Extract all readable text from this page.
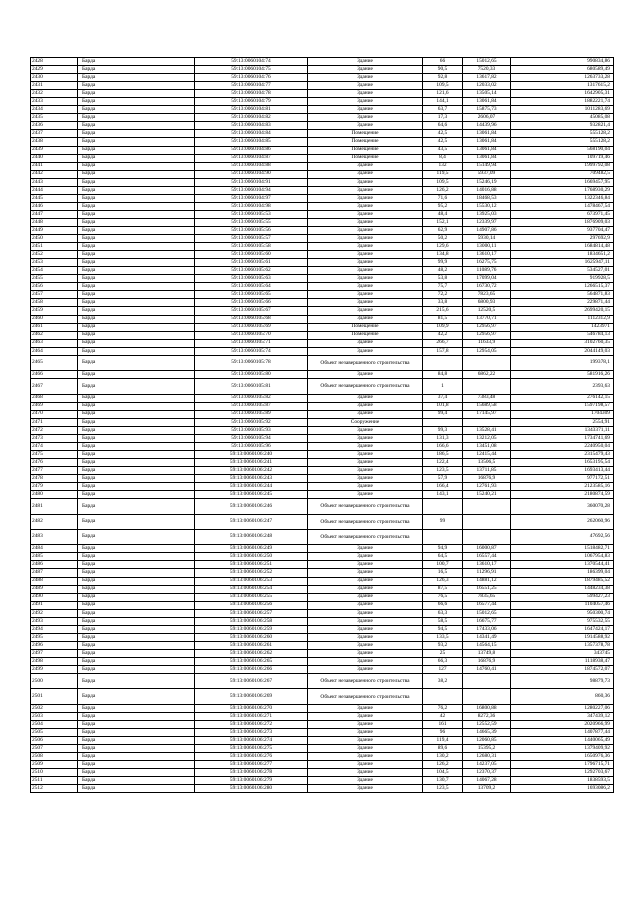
2428	Барда	59:13:0060104:74	Здание	66	15012,65	990834,86
2429	Барда	59:13:0060104:75	Здание	90,5	7520,33	680589,49
2430	Барда	59:13:0060104:76	Здание	92,8	13617,82	1263733,28
2431	Барда	59:13:0060104:77	Здание	109,5	12033,02	1317615,2
2432	Барда	59:13:0060104:78	Здание	121,6	13505,14	1642905,31
2433	Барда	59:13:0060104:79	Здание	144,1	13061,84	1882221,74
2434	Барда	59:13:0060104:81	Здание	63,7	15875,73	1011283,69
2435	Барда	59:13:0060104:82	Здание	17,3	2606,07	45085,08
2436	Барда	59:13:0060104:83	Здание	64,6	14439,96	932821,4
2437	Барда	59:13:0060104:84	Помещение	42,5	13061,84	555128,2
2438	Барда	59:13:0060104:85	Помещение	42,5	13061,84	555128,2
2439	Барда	59:13:0060104:86	Помещение	43,5	13061,84	568190,04
2440	Барда	59:13:0060104:87	Помещение	8,4	13061,84	109719,46
2441	Барда	59:13:0060104:88	Здание	132	15149,94	1999792,08
2442	Барда	59:13:0060104:90	Здание	119,5	5937,09	709482,5
2443	Барда	59:13:0060104:91	Здание	109,5	15246,19	1669457,95
2444	Барда	59:13:0060104:94	Здание	126,2	14016,88	1768930,29
2445	Барда	59:13:0060104:97	Здание	71,6	18468,53	1322346,84
2446	Барда	59:13:0060104:98	Здание	95,2	15530,12	1478467,54
2447	Барда	59:13:0060105:53	Здание	48,4	13925,03	673971,45
2448	Барда	59:13:0060105:55	Здание	152,1	12339,97	1876909,03
2449	Барда	59:13:0060105:56	Здание	62,9	14907,86	937704,47
2450	Барда	59:13:0060105:57	Здание	50,2	5930,14	297692,9
2451	Барда	59:13:0060105:58	Здание	129,6	13000,11	1684814,48
2452	Барда	59:13:0060105:60	Здание	134,8	13610,17	1834651,2
2453	Барда	59:13:0060105:61	Здание	99,9	16275,75	1625947,11
2454	Барда	59:13:0060105:62	Здание	48,2	11089,76	534527,01
2455	Барда	59:13:0060105:63	Здание	53,8	17099,04	919928,5
2456	Барда	59:13:0060105:64	Здание	75,7	16730,72	1266515,37
2457	Барда	59:13:0060105:65	Здание	72,2	7823,65	564871,83
2458	Барда	59:13:0060105:66	Здание	33,8	6800,93	229871,44
2459	Барда	59:13:0060105:67	Здание	215,6	12520,5	2699420,15
2460	Барда	59:13:0060105:68	Здание	81,5	13770,71	1112312,9
2461	Барда	59:13:0060105:69	Помещение	109,9	12956,97	1423971
2462	Барда	59:13:0060105:70	Помещение	42,2	12956,97	546784,13
2463	Барда	59:13:0060105:71	Здание	266,7	11633,9	3102760,35
2464	Барда	59:13:0060105:74	Здание	157,8	12954,05	2044149,03
2465	Барда	59:13:0060105:78	Объект незавершенного строительства			199378,1
2466	Барда	59:13:0060105:80	Здание	84,8	6862,22	581916,26
2467	Барда	59:13:0060105:81	Объект незавершенного строительства	1		2393,63
2468	Барда	59:13:0060105:82	Здание	37,4	7383,48	276142,15
2469	Барда	59:13:0060105:87	Здание	101,8	15689,58	1597198,57
2470	Барда	59:13:0060105:89	Здание	99,4	17145,97	1704309
2471	Барда	59:13:0060105:92	Сооружение			2554,91
2472	Барда	59:13:0060105:93	Здание	99,3	13528,41	1343371,11
2473	Барда	59:13:0060105:94	Здание	131,3	13212,05	1734741,69
2474	Барда	59:13:0060105:96	Здание	166,6	13451,08	2240950,04
2475	Барда	59:13:0060106:240	Здание	186,5	12415,44	2315479,43
2476	Барда	59:13:0060106:241	Здание	122,4	13506,5	1653195,54
2477	Барда	59:13:0060106:242	Здание	123,5	13711,85	1693413,44
2478	Барда	59:13:0060106:243	Здание	57,9	16876,9	977172,51
2479	Барда	59:13:0060106:244	Здание	166,4	12761,93	2123585,16
2480	Барда	59:13:0060106:245	Здание	143,1	15240,21	2180874,59
2481	Барда	59:13:0060106:246	Объект незавершенного строительства			360070,28
2482	Барда	59:13:0060106:247	Объект незавершенного строительства	99		262060,96
2483	Барда	59:13:0060106:248	Объект незавершенного строительства			47692,56
2484	Барда	59:13:0060106:249	Здание	94,9	16000,87	1518482,71
2485	Барда	59:13:0060106:250	Здание	64,5	16557,44	1067954,83
2486	Барда	59:13:0060106:251	Здание	100,7	13610,17	1370544,41
2487	Барда	59:13:0060106:252	Здание	16,5	11296,91	186399,04
2488	Барда	59:13:0060106:253	Здание	126,3	14881,12	1879485,52
2489	Барда	59:13:0060106:254	Здание	87,5	16551,25	1448234,38
2490	Барда	59:13:0060106:255	Здание	76,5	7835,65	599427,23
2491	Барда	59:13:0060106:256	Здание	66,6	16577,44	1104057,46
2492	Барда	59:13:0060106:257	Здание	63,3	15012,65	950300,74
2493	Барда	59:13:0060106:258	Здание	58,5	16675,77	975532,55
2494	Барда	59:13:0060106:259	Здание	94,5	17433,06	1647424,17
2495	Барда	59:13:0060106:260	Здание	133,5	14341,49	1914588,92
2496	Барда	59:13:0060106:261	Здание	93,2	14564,15	1357378,78
2497	Барда	59:13:0060106:262	Здание	25	13749,8	343745
2498	Барда	59:13:0060106:265	Здание	66,3	16876,9	1118938,47
2499	Барда	59:13:0060106:266	Здание	127	14760,41	1874572,07
2500	Барда	59:13:0060106:267	Объект незавершенного строительства	38,2		98879,73
2501	Барда	59:13:0060106:269	Объект незавершенного строительства			860,36
2502	Барда	59:13:0060106:270	Здание	76,2	16800,88	1280227,06
2503	Барда	59:13:0060106:271	Здание	42	8272,36	347439,12
2504	Барда	59:13:0060106:272	Здание	161	12552,59	2020966,99
2505	Барда	59:13:0060106:273	Здание	96	14665,39	1407877,44
2506	Барда	59:13:0060106:274	Здание	119,4	12060,85	1440065,49
2507	Барда	59:13:0060106:275	Здание	89,6	15395,2	1379409,92
2508	Барда	59:13:0060106:276	Здание	130,2	12680,31	1650976,36
2509	Барда	59:13:0060106:277	Здание	126,2	14237,05	1796715,71
2510	Барда	59:13:0060106:278	Здание	104,5	12370,37	1292703,67
2511	Барда	59:13:0060106:279	Здание	130,7	14067,28	1838593,5
2512	Барда	59:13:0060106:280	Здание	123,5	13709,2	1693086,2
